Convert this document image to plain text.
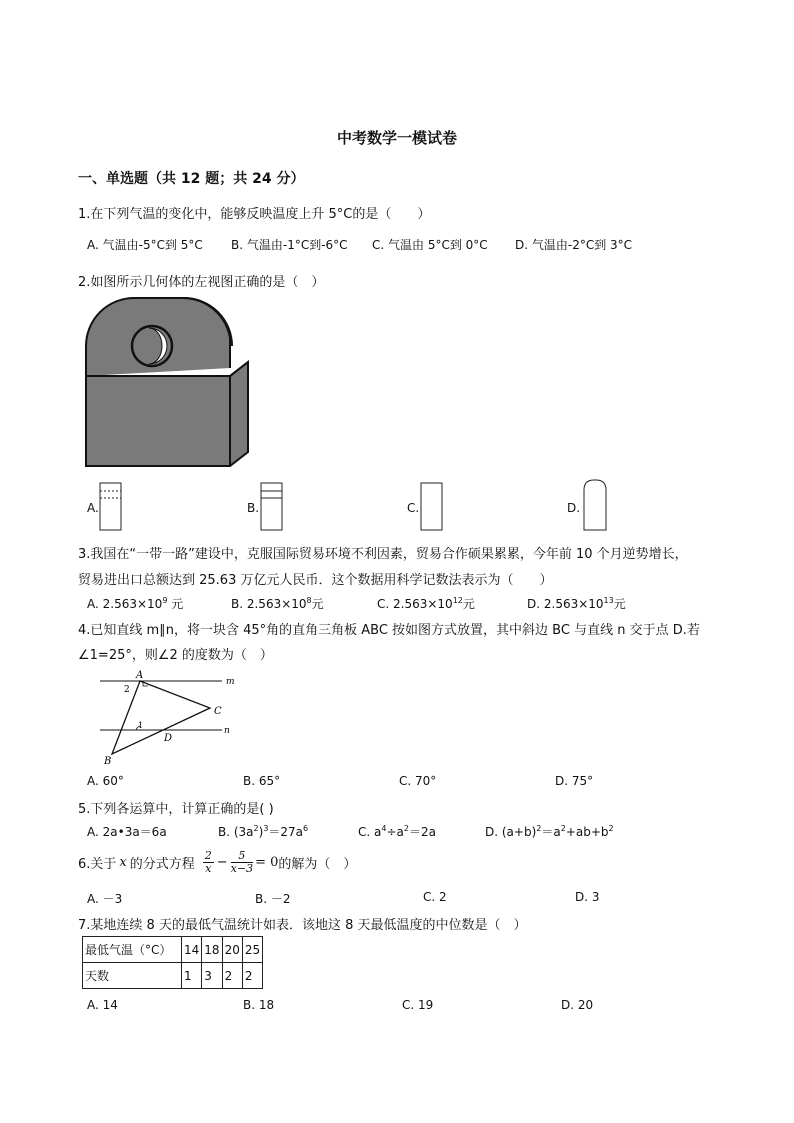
中考数学一模试卷
一、单选题（共 12 题；共 24 分）
1.在下列气温的变化中，能够反映温度上升 5°C的是（　　）
A. 气温由-5°C到 5°C B. 气温由-1°C到-6°C C. 气温由 5°C到 0°C D. 气温由-2°C到 3°C
2.如图所示几何体的左视图正确的是（　）
A.	B.	C.	D.
3.我国在“一带一路”建设中，克服国际贸易环境不利因素，贸易合作硕果累累，今年前 10 个月逆势增长，
贸易进出口总额达到 25.63 万亿元人民币．这个数据用科学记数法表示为（　　）
A. $2.563\times 10^9$ 元	B. $2.563\times 10^8$元	C. $2.563\times 10^{12}$元	D. $2.563\times 10^{13}$元
4.已知直线 m∥n，将一块含 45°角的直角三角板 ABC 按如图方式放置，其中斜边 BC 与直线 n 交于点 D.若
∠1=25°，则∠2 的度数为（　）
A
2
C
m
n
1
D
B
A. 60°	B. 65°	C. 70°	D. 75°
5.下列各运算中，计算正确的是( )
A. 2a•3a＝6a	B. $(3a^2)^3=27a^6$	C. $a^4\div a^2=2a$	D. $(a+b)^2=a^2+ab+b^2$
6.关于 x 的分式方程 $\frac{2}{x} - \frac{5}{x-3} = 0$ 的解为（　）
A. －3	B. －2	C. 2	D. 3
7.某地连续 8 天的最低气温统计如表．该地这 8 天最低温度的中位数是（　）
最低气温（°C）	14	18	20	25
天数	1	3	2	2
A. 14	B. 18	C. 19	D. 20
